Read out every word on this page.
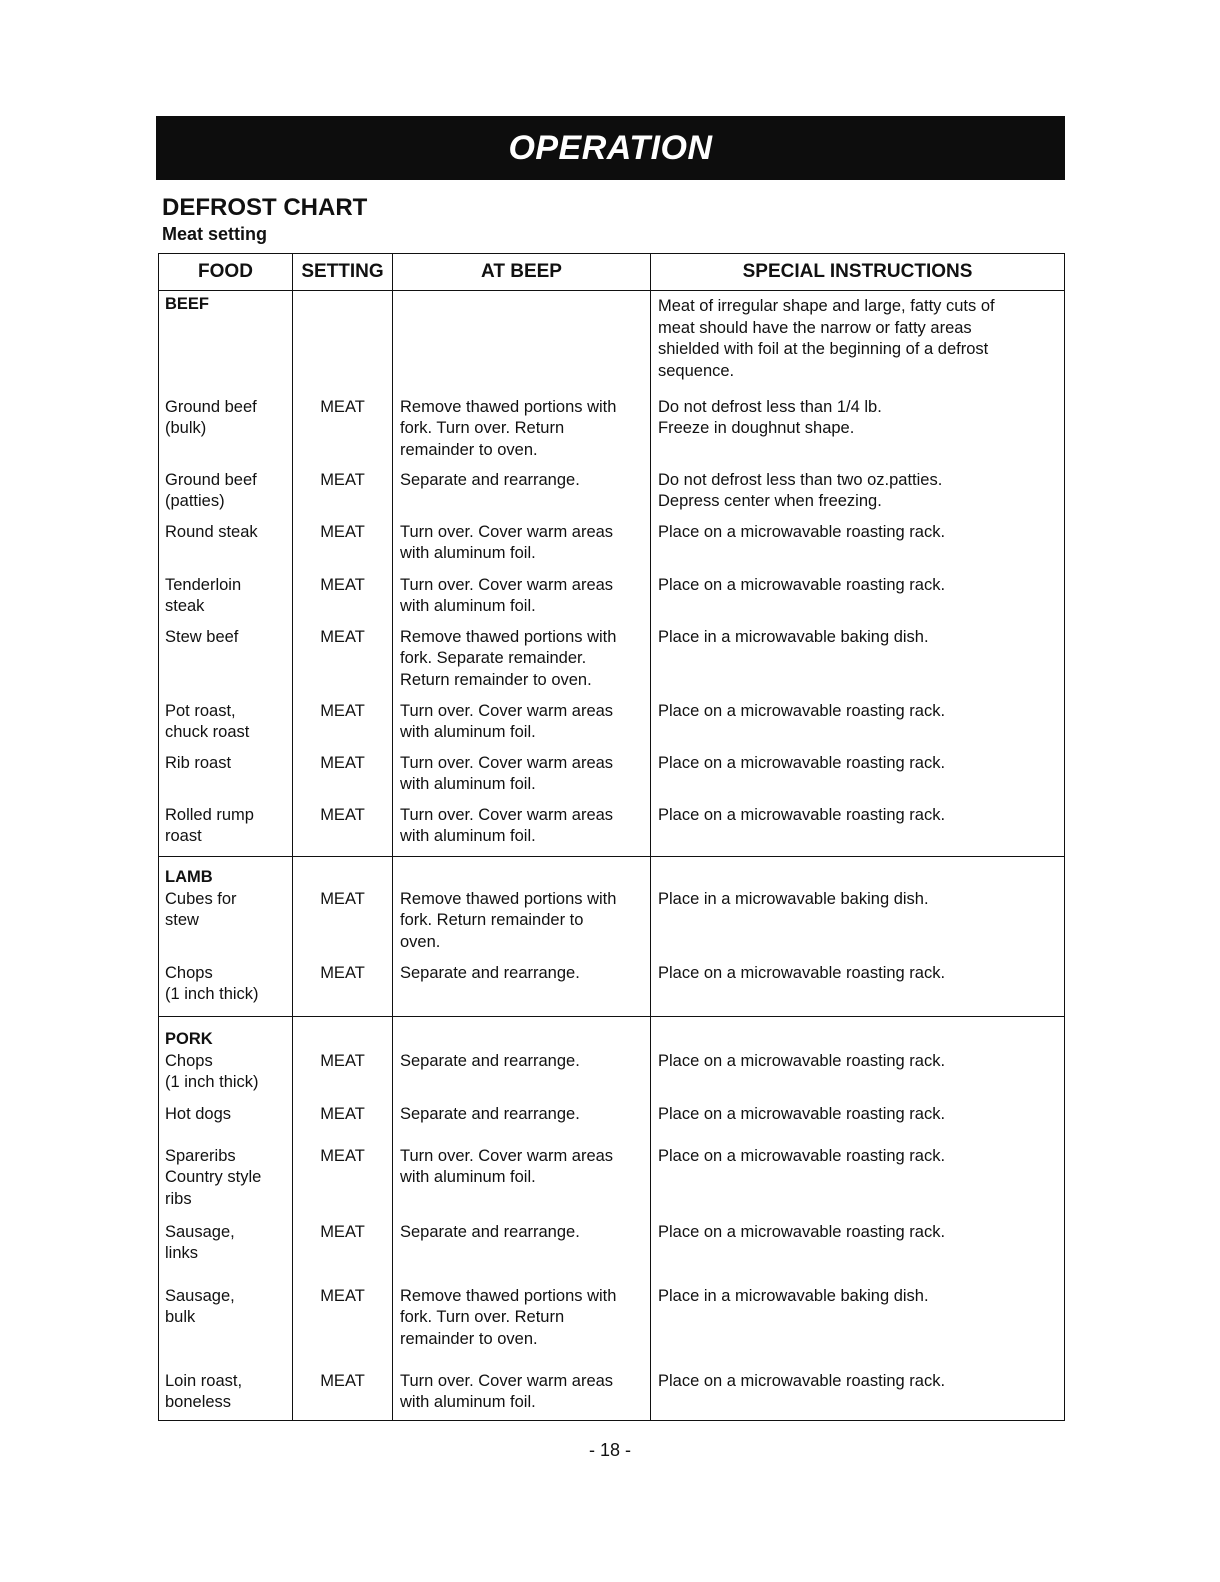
OPERATION
DEFROST CHART
Meat setting
FOOD	SETTING	AT BEEP	SPECIAL INSTRUCTIONS

BEEF			Meat of irregular shape and large, fatty cuts of
meat should have the narrow or fatty areas
shielded with foil at the beginning of a defrost
sequence.
Ground beef
(bulk)	MEAT	Remove thawed portions with
fork. Turn over. Return
remainder to oven.	Do not defrost less than 1/4 lb.
Freeze in doughnut shape.
Ground beef
(patties)	MEAT	Separate and rearrange.	Do not defrost less than two oz.patties.
Depress center when freezing.
Round steak	MEAT	Turn over. Cover warm areas
with aluminum foil.	Place on a microwavable roasting rack.
Tenderloin
steak	MEAT	Turn over. Cover warm areas
with aluminum foil.	Place on a microwavable roasting rack.
Stew beef	MEAT	Remove thawed portions with
fork. Separate remainder.
Return remainder to oven.	Place in a microwavable baking dish.
Pot roast,
chuck roast	MEAT	Turn over. Cover warm areas
with aluminum foil.	Place on a microwavable roasting rack.
Rib roast	MEAT	Turn over. Cover warm areas
with aluminum foil.	Place on a microwavable roasting rack.
Rolled rump
roast	MEAT	Turn over. Cover warm areas
with aluminum foil.	Place on a microwavable roasting rack.

LAMB			

Cubes for
stew	MEAT	Remove thawed portions with
fork. Return remainder to
oven.	Place in a microwavable baking dish.
Chops
(1 inch thick)	MEAT	Separate and rearrange.	Place on a microwavable roasting rack.

PORK			

Chops
(1 inch thick)	MEAT	Separate and rearrange.	Place on a microwavable roasting rack.
Hot dogs	MEAT	Separate and rearrange.	Place on a microwavable roasting rack.
Spareribs
Country style
ribs	MEAT	Turn over. Cover warm areas
with aluminum foil.	Place on a microwavable roasting rack.
Sausage,
links	MEAT	Separate and rearrange.	Place on a microwavable roasting rack.
Sausage,
bulk	MEAT	Remove thawed portions with
fork. Turn over. Return
remainder to oven.	Place in a microwavable baking dish.
Loin roast,
boneless	MEAT	Turn over. Cover warm areas
with aluminum foil.	Place on a microwavable roasting rack.
- 18 -
